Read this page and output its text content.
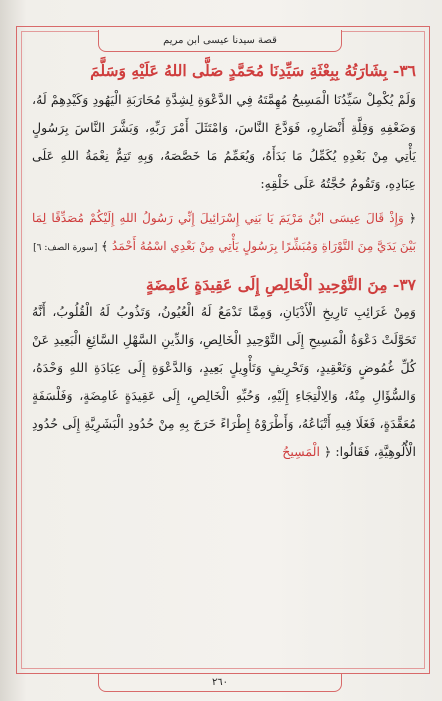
قصة سيدنا عيسى ابن مريم

٣٦- بِشَارَتُهُ بِبِعْثَةِ سَيِّدِنَا مُحَمَّدٍ صَلَّى اللهُ عَلَيْهِ وَسَلَّمَ

وَلَمْ يُكْمِلْ سَيِّدُنَا الْمَسِيحُ مُهِمَّتَهُ فِي الدَّعْوَةِ لِشِدَّةِ مُحَارَبَةِ الْيَهُودِ وَكَيْدِهِمْ لَهُ، وَضَعْفِهِ وَقِلَّةِ أَنْصَارِهِ، فَوَدَّعَ النَّاسَ، وَامْتَثَلَ أَمْرَ رَبِّهِ، وَبَشَّرَ النَّاسَ بِرَسُولٍ يَأْتِي مِنْ بَعْدِهِ يُكَمِّلُ مَا بَدَأَهُ، وَيُعَمِّمُ مَا خَصَّصَهُ، وَبِهِ تَتِمُّ نِعْمَةُ اللهِ عَلَى عِبَادِهِ، وَتَقُومُ حُجَّتُهُ عَلَى خَلْقِهِ:

﴿ وَإِذْ قَالَ عِيسَى ابْنُ مَرْيَمَ يَا بَنِي إِسْرَائِيلَ إِنِّي رَسُولُ اللهِ إِلَيْكُمْ مُصَدِّقًا لِمَا بَيْنَ يَدَيَّ مِنَ التَّوْرَاةِ وَمُبَشِّرًا بِرَسُولٍ يَأْتِي مِنْ بَعْدِي اسْمُهُ أَحْمَدُ ﴾ [سورة الصف: ٦]

٣٧- مِنَ التَّوْحِيدِ الْخَالِصِ إِلَى عَقِيدَةٍ غَامِضَةٍ

وَمِنْ غَرَائِبِ تَارِيخِ الْأَدْيَانِ، وَمِمَّا تَدْمَعُ لَهُ الْعُيُونُ، وَتَذُوبُ لَهُ الْقُلُوبُ، أَنَّهُ تَحَوَّلَتْ دَعْوَةُ الْمَسِيحِ إِلَى التَّوْحِيدِ الْخَالِصِ، وَالدِّينِ السَّهْلِ السَّائِغِ الْبَعِيدِ عَنْ كُلِّ غُمُوضٍ وَتَعْقِيدٍ، وَتَحْرِيفٍ وَتَأْوِيلٍ بَعِيدٍ، وَالدَّعْوَةِ إِلَى عِبَادَةِ اللهِ وَحْدَهُ، وَالسُّؤَالِ مِنْهُ، وَالِالْتِجَاءِ إِلَيْهِ، وَحُبِّهِ الْخَالِصِ، إِلَى عَقِيدَةٍ غَامِضَةٍ، وَفَلْسَفَةٍ مُعَقَّدَةٍ، فَغَلَا فِيهِ أَتْبَاعُهُ، وَأَطْرَوْهُ إِطْرَاءً خَرَجَ بِهِ مِنْ حُدُودِ الْبَشَرِيَّةِ إِلَى حُدُودِ الْأُلُوهِيَّةِ، فَقَالُوا: ﴿ الْمَسِيحُ

٢٦٠
